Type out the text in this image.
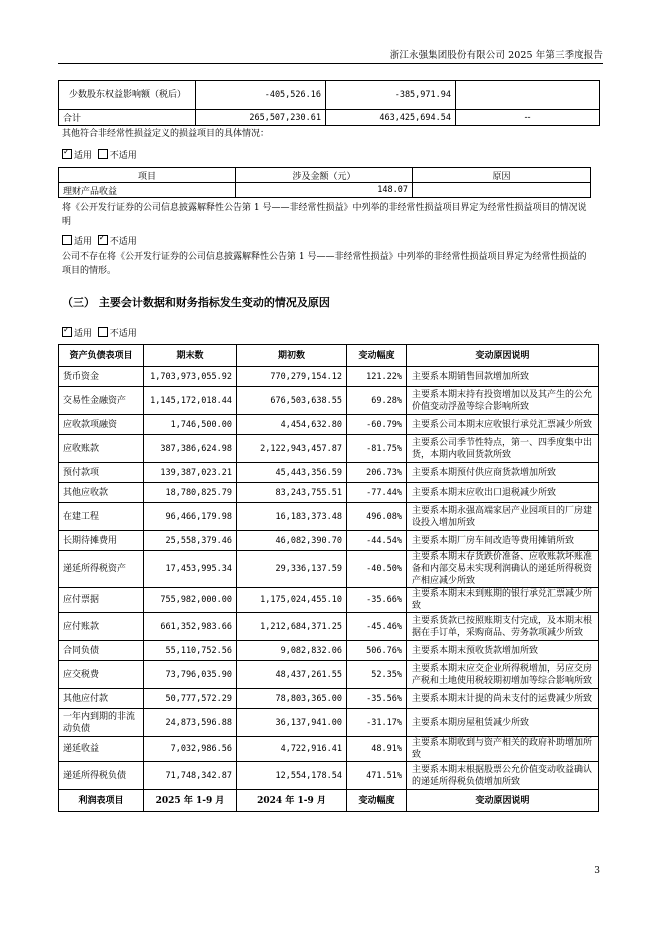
浙江永强集团股份有限公司 2025 年第三季度报告
少数股东权益影响额（税后）	-405,526.16	-385,971.94	
合计	265,507,230.61	463,425,694.54	--
其他符合非经常性损益定义的损益项目的具体情况：
✓适用 不适用
项目	涉及金额（元）	原因
理财产品收益	148.07	
将《公开发行证券的公司信息披露解释性公告第 1 号——非经常性损益》中列举的非经常性损益项目界定为经常性损益项目的情况说明
适用 ✓ 不适用
公司不存在将《公开发行证券的公司信息披露解释性公告第 1 号——非经常性损益》中列举的非经常性损益项目界定为经常性损益的项目的情形。
（三） 主要会计数据和财务指标发生变动的情况及原因
✓适用 不适用
资产负债表项目	期末数	期初数	变动幅度	变动原因说明
货币资金	1,703,973,055.92	770,279,154.12	121.22%	主要系本期销售回款增加所致
交易性金融资产	1,145,172,018.44	676,503,638.55	69.28%	主要系本期末持有投资增加以及其产生的公允价值变动浮盈等综合影响所致
应收款项融资	1,746,500.00	4,454,632.80	-60.79%	主要系公司本期末应收银行承兑汇票减少所致
应收账款	387,386,624.98	2,122,943,457.87	-81.75%	主要系公司季节性特点，第一、四季度集中出货，本期内收回货款所致
预付款项	139,387,023.21	45,443,356.59	206.73%	主要系本期预付供应商货款增加所致
其他应收款	18,780,825.79	83,243,755.51	-77.44%	主要系本期末应收出口退税减少所致
在建工程	96,466,179.98	16,183,373.48	496.08%	主要系本期永强高端家居产业园项目的厂房建设投入增加所致
长期待摊费用	25,558,379.46	46,082,390.70	-44.54%	主要系本期厂房车间改造等费用摊销所致
递延所得税资产	17,453,995.34	29,336,137.59	-40.50%	主要系本期末存货跌价准备、应收账款坏账准备和内部交易未实现利润确认的递延所得税资产相应减少所致
应付票据	755,982,000.00	1,175,024,455.10	-35.66%	主要系本期末未到账期的银行承兑汇票减少所致
应付账款	661,352,983.66	1,212,684,371.25	-45.46%	主要系货款已按照账期支付完成，及本期末根据在手订单，采购商品、劳务款项减少所致
合同负债	55,110,752.56	9,082,832.06	506.76%	主要系本期末预收货款增加所致
应交税费	73,796,035.90	48,437,261.55	52.35%	主要系本期末应交企业所得税增加，另应交房产税和土地使用税较期初增加等综合影响所致
其他应付款	50,777,572.29	78,803,365.00	-35.56%	主要系本期末计提的尚未支付的运费减少所致
一年内到期的非流动负债	24,873,596.88	36,137,941.00	-31.17%	主要系本期房屋租赁减少所致
递延收益	7,032,986.56	4,722,916.41	48.91%	主要系本期收到与资产相关的政府补助增加所致
递延所得税负债	71,748,342.87	12,554,178.54	471.51%	主要系本期末根据股票公允价值变动收益确认的递延所得税负债增加所致
利润表项目	2025 年 1-9 月	2024 年 1-9 月	变动幅度	变动原因说明
3
